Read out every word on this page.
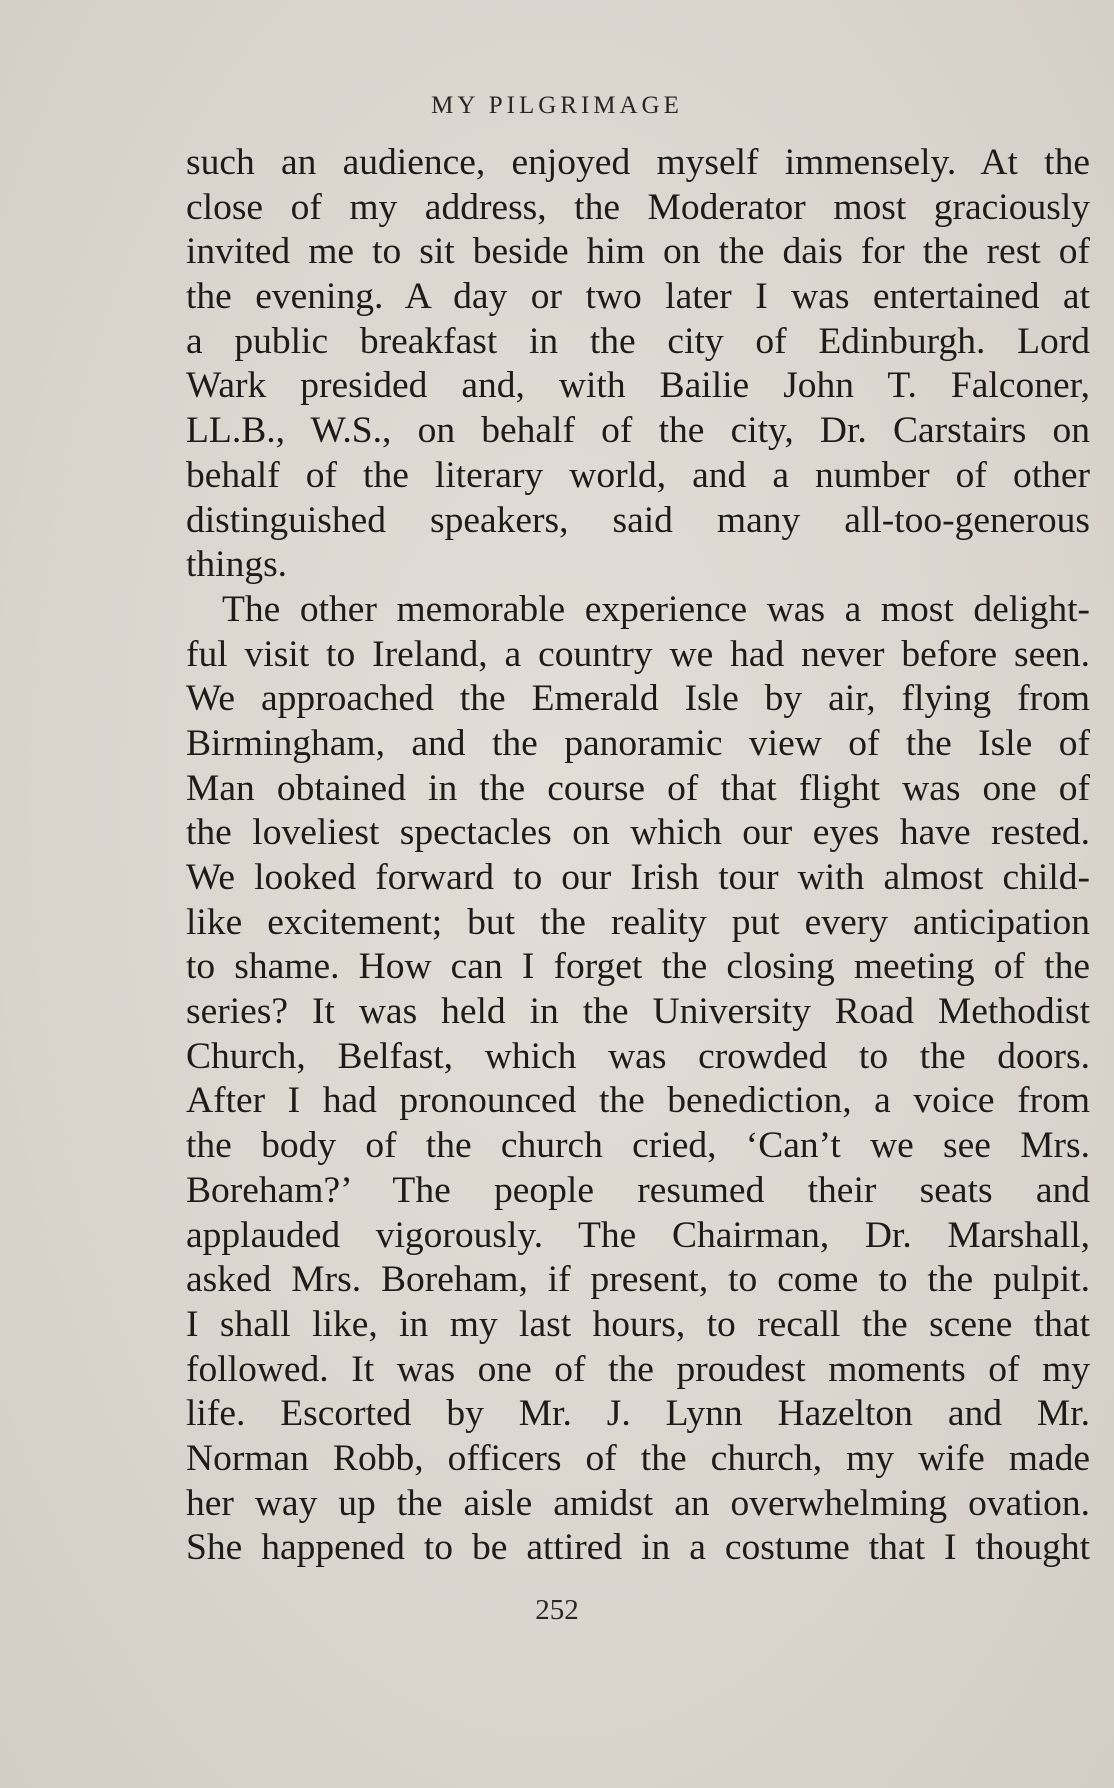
MY PILGRIMAGE
such an audience, enjoyed myself immensely. At the
close of my address, the Moderator most graciously
invited me to sit beside him on the dais for the rest of
the evening. A day or two later I was entertained at
a public breakfast in the city of Edinburgh. Lord
Wark presided and, with Bailie John T. Falconer,
LL.B., W.S., on behalf of the city, Dr. Carstairs on
behalf of the literary world, and a number of other
distinguished speakers, said many all-too-generous
things.
The other memorable experience was a most delight-
ful visit to Ireland, a country we had never before seen.
We approached the Emerald Isle by air, flying from
Birmingham, and the panoramic view of the Isle of
Man obtained in the course of that flight was one of
the loveliest spectacles on which our eyes have rested.
We looked forward to our Irish tour with almost child-
like excitement; but the reality put every anticipation
to shame. How can I forget the closing meeting of the
series? It was held in the University Road Methodist
Church, Belfast, which was crowded to the doors.
After I had pronounced the benediction, a voice from
the body of the church cried, ‘Can’t we see Mrs.
Boreham?’ The people resumed their seats and
applauded vigorously. The Chairman, Dr. Marshall,
asked Mrs. Boreham, if present, to come to the pulpit.
I shall like, in my last hours, to recall the scene that
followed. It was one of the proudest moments of my
life. Escorted by Mr. J. Lynn Hazelton and Mr.
Norman Robb, officers of the church, my wife made
her way up the aisle amidst an overwhelming ovation.
She happened to be attired in a costume that I thought
252
